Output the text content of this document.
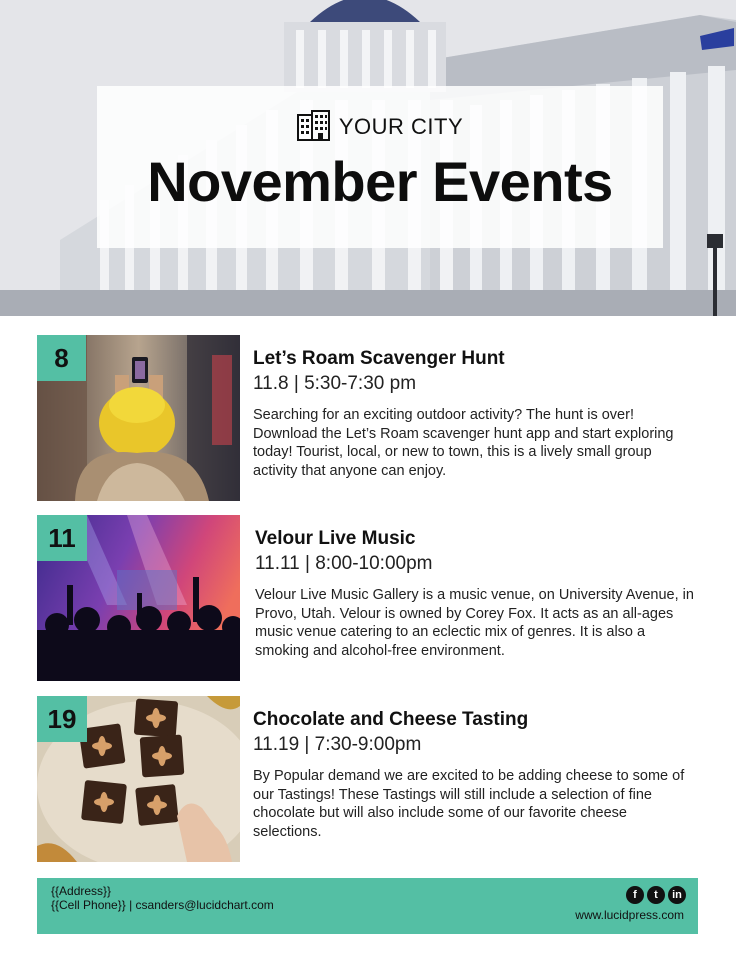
YOUR CITY
November Events
8	Let’s Roam Scavenger Hunt
11.8 | 5:30-7:30 pm
Searching for an exciting outdoor activity? The hunt is over! Download the Let’s Roam scavenger hunt app and start exploring today! Tourist, local, or new to town, this is a lively small group activity that anyone can enjoy.
11	Velour Live Music
11.11 | 8:00-10:00pm
Velour Live Music Gallery is a music venue, on University Avenue, in Provo, Utah. Velour is owned by Corey Fox. It acts as an all-ages music venue catering to an eclectic mix of genres. It is also a smoking and alcohol-free environment.
19	Chocolate and Cheese Tasting
11.19 | 7:30-9:00pm
By Popular demand we are excited to be adding cheese to some of our Tastings! These Tastings will still include a selection of fine chocolate but will also include some of our favorite cheese selections.
{{Address}}
{{Cell Phone}} | csanders@lucidchart.com
f	t	in
www.lucidpress.com
